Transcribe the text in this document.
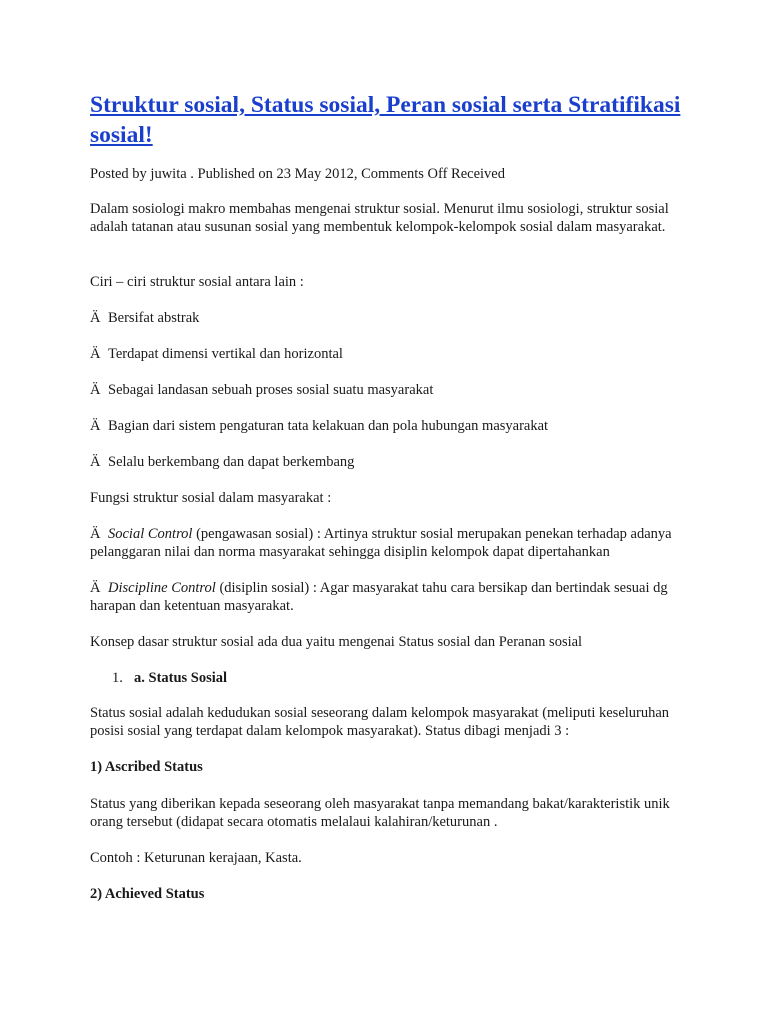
Struktur sosial, Status sosial, Peran sosial serta Stratifikasi sosial!

Posted by juwita . Published on 23 May 2012, Comments Off Received

Dalam sosiologi makro membahas mengenai struktur sosial. Menurut ilmu sosiologi, struktur sosial adalah tatanan atau susunan sosial yang membentuk kelompok-kelompok sosial dalam masyarakat.

Ciri – ciri struktur sosial antara lain :

Ä Bersifat abstrak

Ä Terdapat dimensi vertikal dan horizontal

Ä Sebagai landasan sebuah proses sosial suatu masyarakat

Ä Bagian dari sistem pengaturan tata kelakuan dan pola hubungan masyarakat

Ä Selalu berkembang dan dapat berkembang

Fungsi struktur sosial dalam masyarakat :

Ä Social Control (pengawasan sosial) : Artinya struktur sosial merupakan penekan terhadap adanya pelanggaran nilai dan norma masyarakat sehingga disiplin kelompok dapat dipertahankan

Ä Discipline Control (disiplin sosial) : Agar masyarakat tahu cara bersikap dan bertindak sesuai dg harapan dan ketentuan masyarakat.

Konsep dasar struktur sosial ada dua yaitu mengenai Status sosial dan Peranan sosial

1. a. Status Sosial

Status sosial adalah kedudukan sosial seseorang dalam kelompok masyarakat (meliputi keseluruhan posisi sosial yang terdapat dalam kelompok masyarakat). Status dibagi menjadi 3 :

1) Ascribed Status

Status yang diberikan kepada seseorang oleh masyarakat tanpa memandang bakat/karakteristik unik orang tersebut (didapat secara otomatis melalaui kalahiran/keturunan .

Contoh : Keturunan kerajaan, Kasta.

2) Achieved Status
